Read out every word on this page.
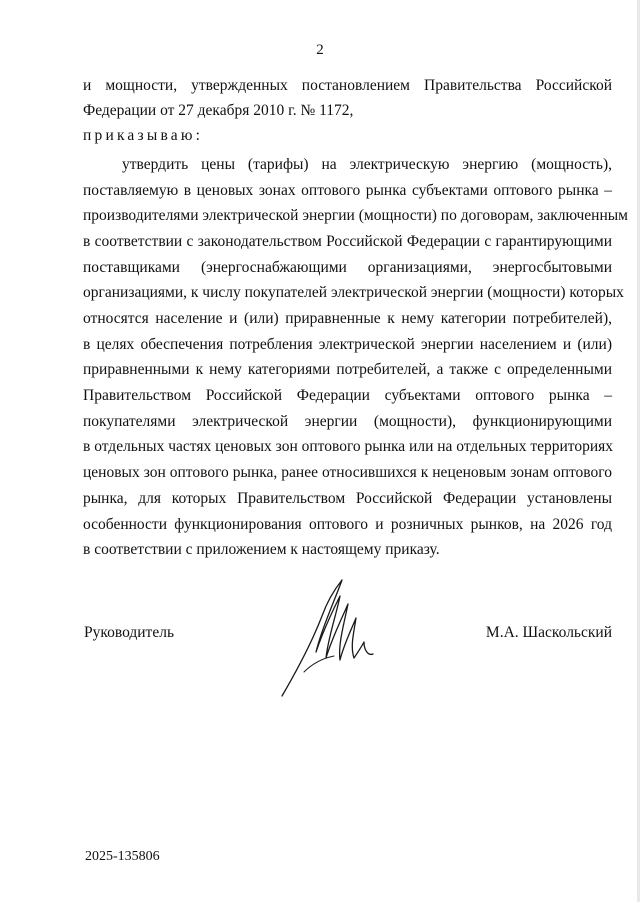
2
и мощности, утвержденных постановлением Правительства Российской
Федерации от 27 декабря 2010 г. № 1172,
приказываю:
утвердить цены (тарифы) на электрическую энергию (мощность),
поставляемую в ценовых зонах оптового рынка субъектами оптового рынка –
производителями электрической энергии (мощности) по договорам, заключенным
в соответствии с законодательством Российской Федерации с гарантирующими
поставщиками (энергоснабжающими организациями, энергосбытовыми
организациями, к числу покупателей электрической энергии (мощности) которых
относятся население и (или) приравненные к нему категории потребителей),
в целях обеспечения потребления электрической энергии населением и (или)
приравненными к нему категориями потребителей, а также с определенными
Правительством Российской Федерации субъектами оптового рынка –
покупателями электрической энергии (мощности), функционирующими
в отдельных частях ценовых зон оптового рынка или на отдельных территориях
ценовых зон оптового рынка, ранее относившихся к неценовым зонам оптового
рынка, для которых Правительством Российской Федерации установлены
особенности функционирования оптового и розничных рынков, на 2026 год
в соответствии с приложением к настоящему приказу.
Руководитель	М.А. Шаскольский
2025-135806
